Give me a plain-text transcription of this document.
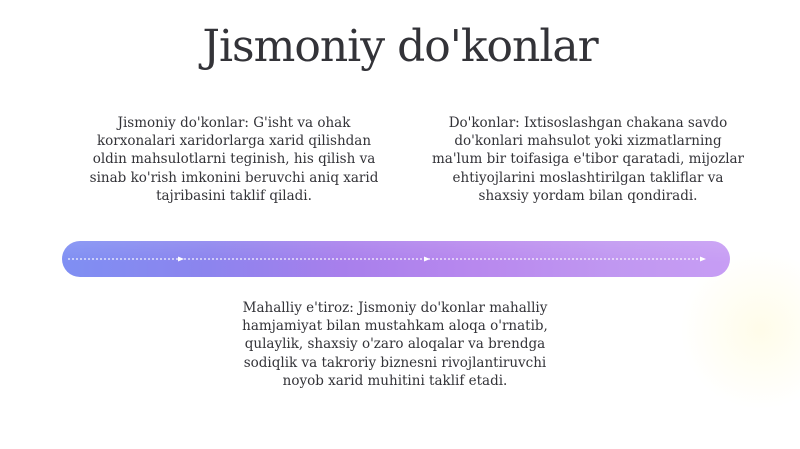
Jismoniy do'konlar
Jismoniy do'konlar: G'isht va ohak korxonalari xaridorlarga xarid qilishdan oldin mahsulotlarni teginish, his qilish va sinab ko'rish imkonini beruvchi aniq xarid tajribasini taklif qiladi.
Do'konlar: Ixtisoslashgan chakana savdo do'konlari mahsulot yoki xizmatlarning ma'lum bir toifasiga e'tibor qaratadi, mijozlar ehtiyojlarini moslashtirilgan takliflar va shaxsiy yordam bilan qondiradi.
Mahalliy e'tiroz: Jismoniy do'konlar mahalliy hamjamiyat bilan mustahkam aloqa o'rnatib, qulaylik, shaxsiy o'zaro aloqalar va brendga sodiqlik va takroriy biznesni rivojlantiruvchi noyob xarid muhitini taklif etadi.
